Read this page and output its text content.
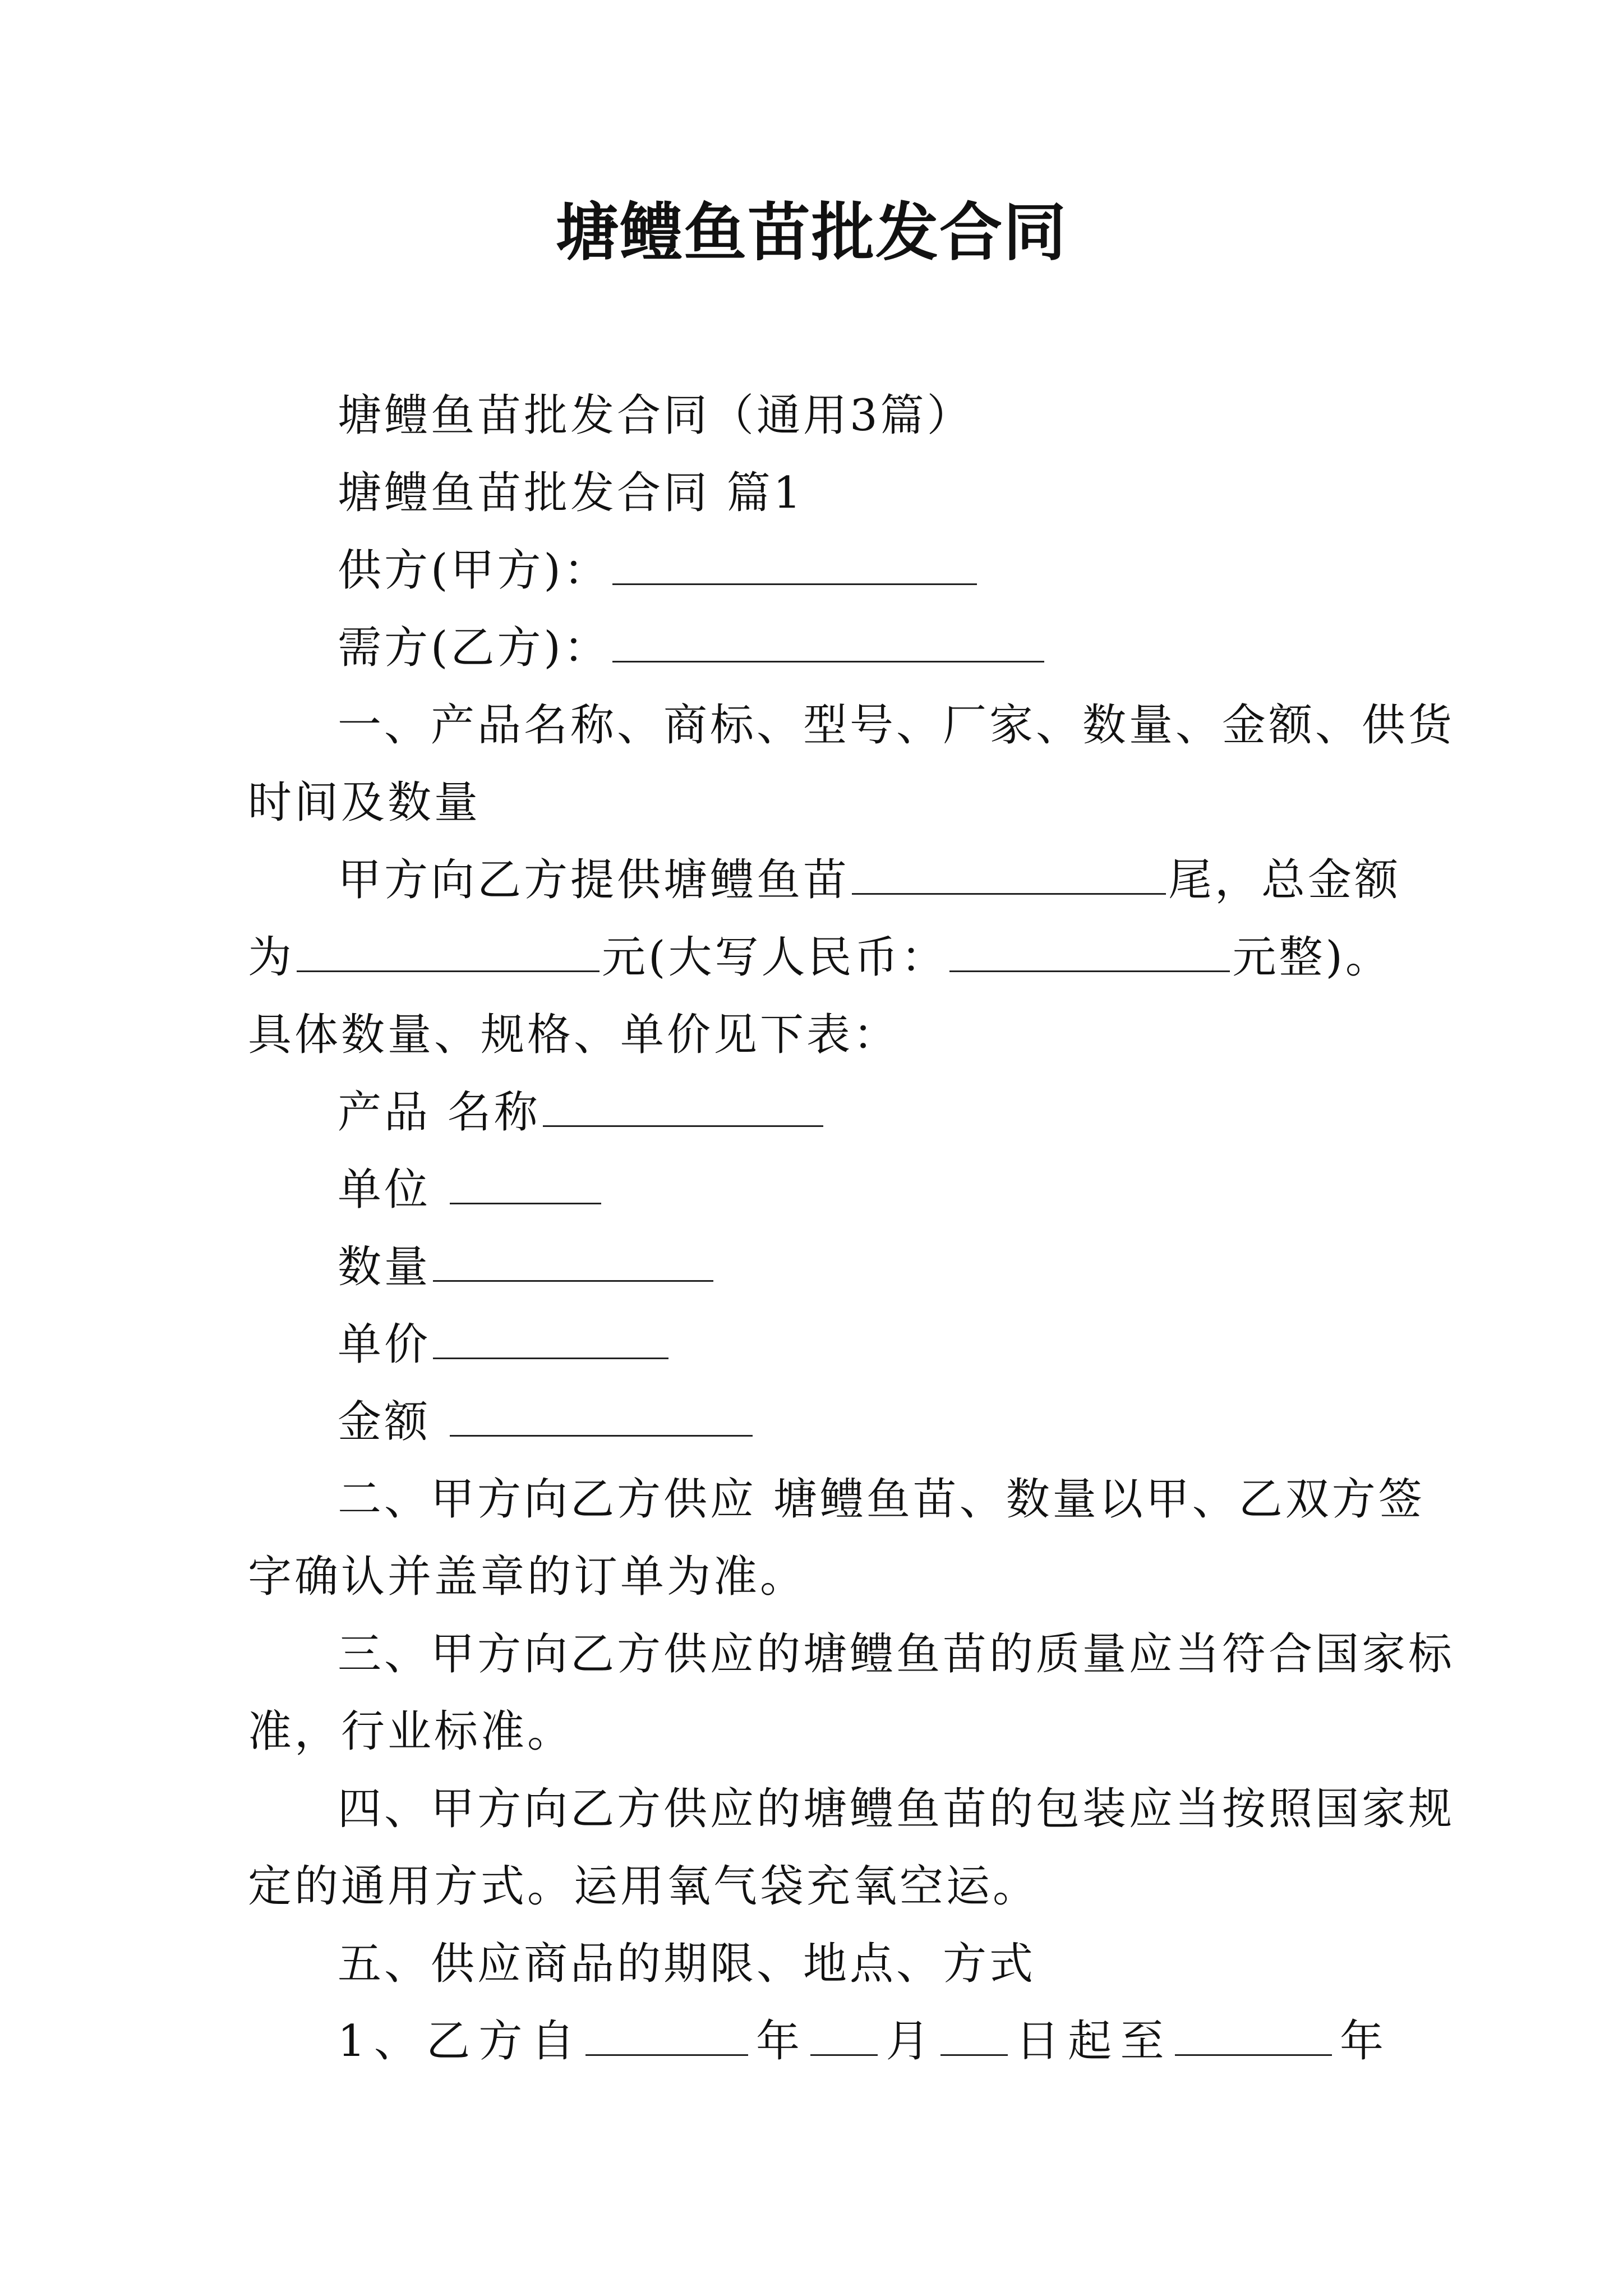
塘鳢鱼苗批发合同

塘鳢鱼苗批发合同（通用3篇）

塘鳢鱼苗批发合同 篇1

供方(甲方)：

需方(乙方)：

一、产品名称、商标、型号、厂家、数量、金额、供货

时间及数量

甲方向乙方提供塘鳢鱼苗	尾，总金额

为	元(大写人民币：	元整)。

具体数量、规格、单价见下表：

产品 名称

单位

数量

单价

金额

二、甲方向乙方供应 塘鳢鱼苗、数量以甲、乙双方签

字确认并盖章的订单为准。

三、甲方向乙方供应的塘鳢鱼苗的质量应当符合国家标

准，行业标准。

四、甲方向乙方供应的塘鳢鱼苗的包装应当按照国家规

定的通用方式。运用氧气袋充氧空运。

五、供应商品的期限、地点、方式

1、乙方自	年 月 日起至	年
